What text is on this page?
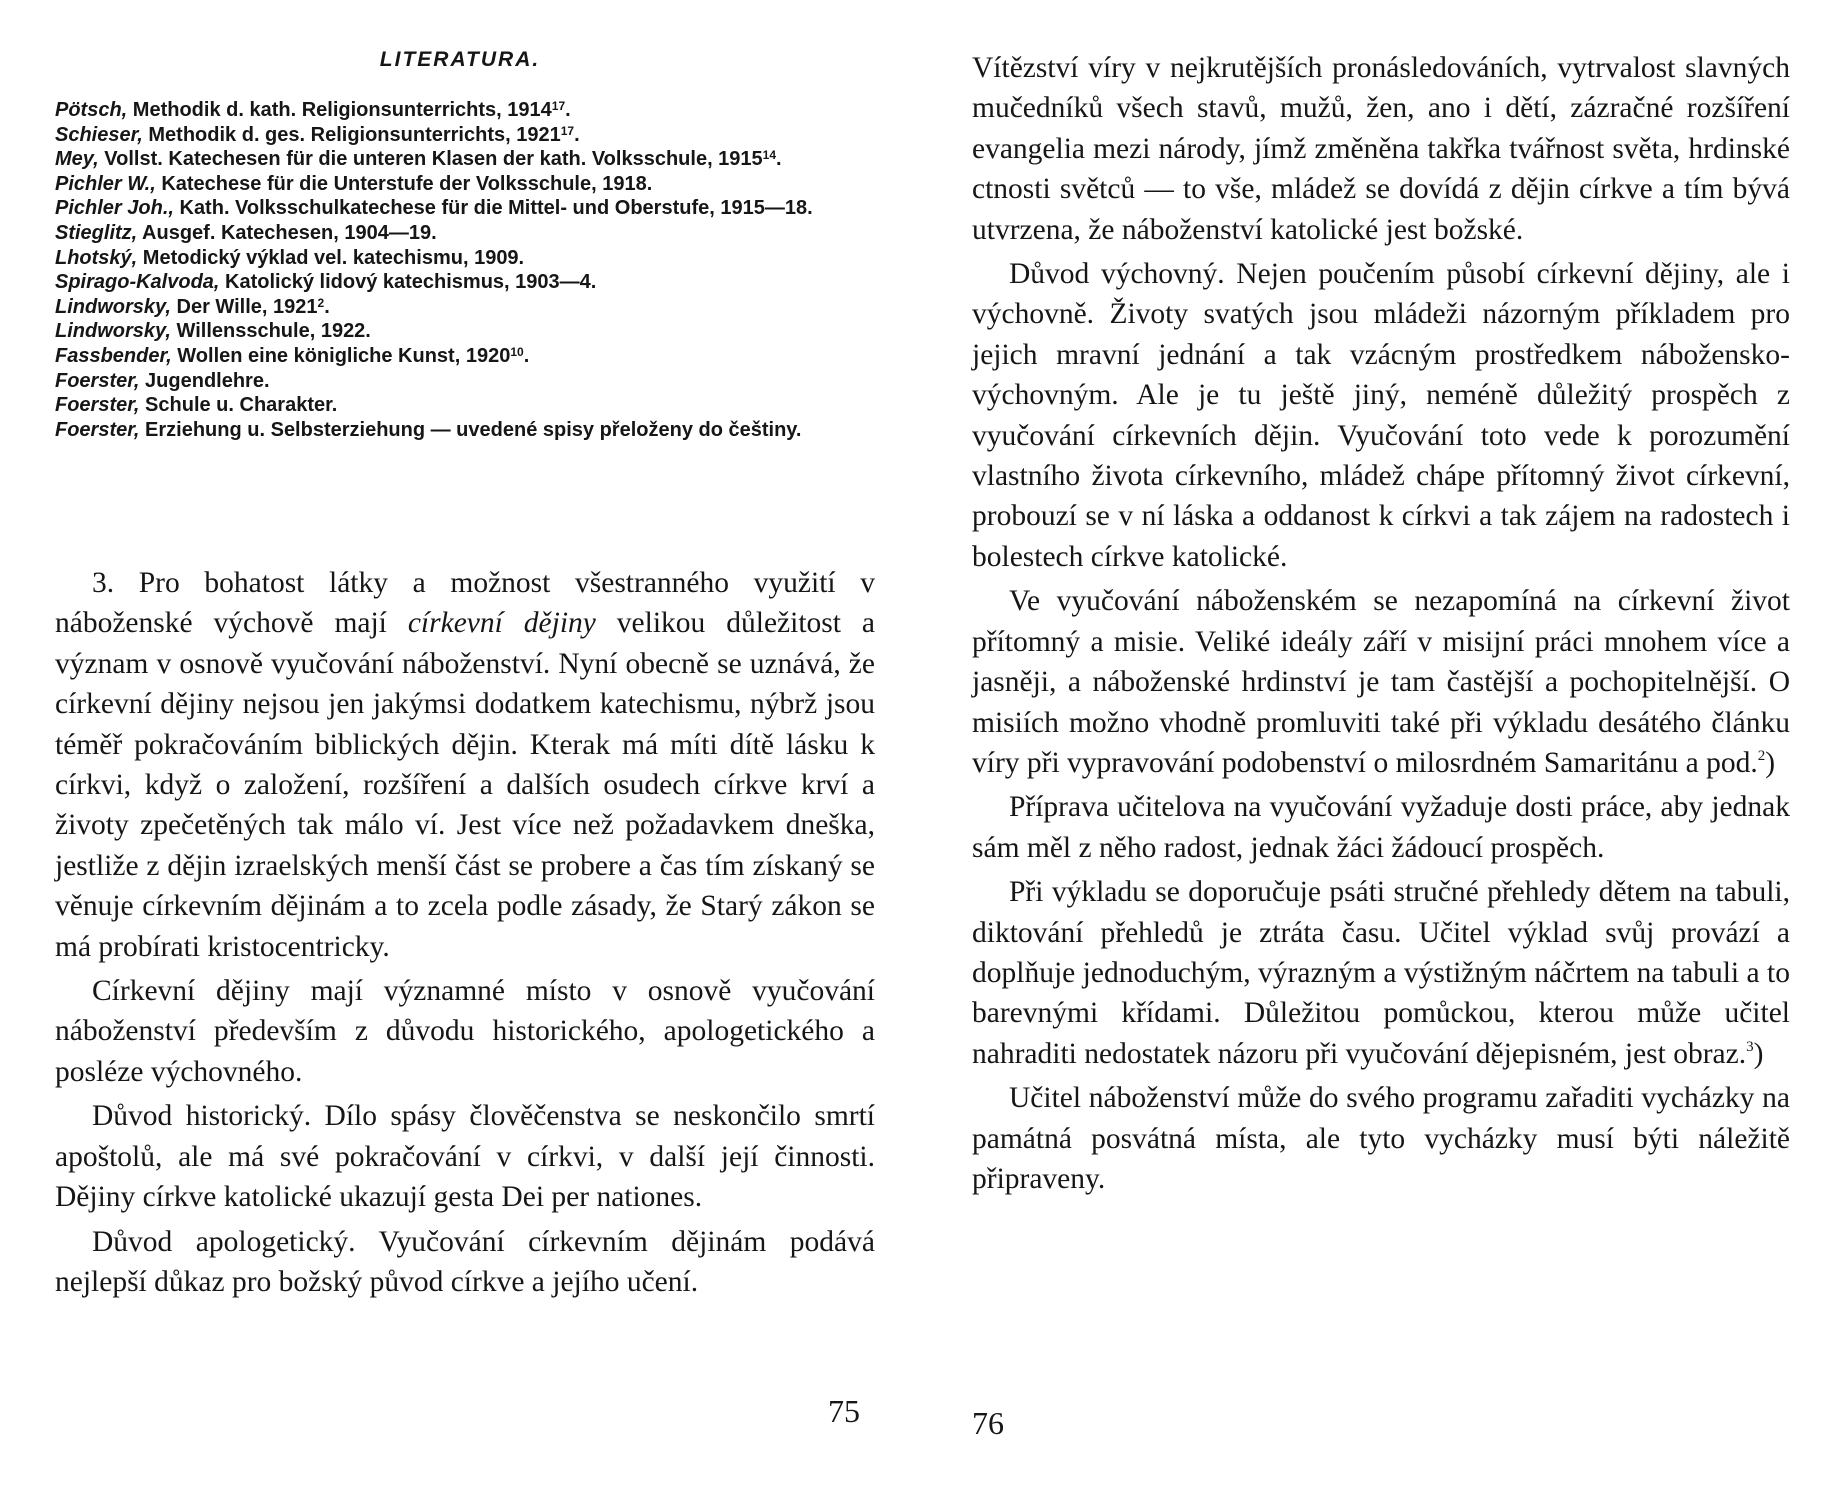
LITERATURA.
Pötsch, Methodik d. kath. Religionsunterrichts, 1914$^{17}$.
Schieser, Methodik d. ges. Religionsunterrichts, 1921$^{17}$.
Mey, Vollst. Katechesen für die unteren Klasen der kath. Volksschule, 1915$^{14}$.
Pichler W., Katechese für die Unterstufe der Volksschule, 1918.
Pichler Joh., Kath. Volksschulkatechese für die Mittel- und Oberstufe, 1915—18.
Stieglitz, Ausgef. Katechesen, 1904—19.
Lhotský, Metodický výklad vel. katechismu, 1909.
Spirago-Kalvoda, Katolický lidový katechismus, 1903—4.
Lindworsky, Der Wille, 1921$^2$.
Lindworsky, Willensschule, 1922.
Fassbender, Wollen eine königliche Kunst, 1920$^{10}$.
Foerster, Jugendlehre.
Foerster, Schule u. Charakter.
Foerster, Erziehung u. Selbsterziehung — uvedené spisy přeloženy do češtiny.

3. Pro bohatost látky a možnost všestranného využití v náboženské výchově mají církevní dějiny velikou důležitost a význam v osnově vyučování náboženství. Nyní obecně se uznává, že církevní dějiny nejsou jen jakýmsi dodatkem katechismu, nýbrž jsou téměř pokračováním biblických dějin. Kterak má míti dítě lásku k církvi, když o založení, rozšíření a dalších osudech církve krví a životy zpečetěných tak málo ví. Jest více než požadavkem dneška, jestliže z dějin izraelských menší část se probere a čas tím získaný se věnuje církevním dějinám a to zcela podle zásady, že Starý zákon se má probírati kristocentricky.

Církevní dějiny mají významné místo v osnově vyučování náboženství především z důvodu historického, apologetického a posléze výchovného.

Důvod historický. Dílo spásy člověčenstva se neskončilo smrtí apoštolů, ale má své pokračování v církvi, v další její činnosti. Dějiny církve katolické ukazují gesta Dei per nationes.

Důvod apologetický. Vyučování církevním dějinám podává nejlepší důkaz pro božský původ církve a jejího učení.

75

Vítězství víry v nejkrutějších pronásledováních, vytrvalost slavných mučedníků všech stavů, mužů, žen, ano i dětí, zázračné rozšíření evangelia mezi národy, jímž změněna takřka tvářnost světa, hrdinské ctnosti světců — to vše, mládež se dovídá z dějin církve a tím bývá utvrzena, že náboženství katolické jest božské.

Důvod výchovný. Nejen poučením působí církevní dějiny, ale i výchovně. Životy svatých jsou mládeži názorným příkladem pro jejich mravní jednání a tak vzácným prostředkem nábožensko-výchovným. Ale je tu ještě jiný, neméně důležitý prospěch z vyučování církevních dějin. Vyučování toto vede k porozumění vlastního života církevního, mládež chápe přítomný život církevní, probouzí se v ní láska a oddanost k církvi a tak zájem na radostech i bolestech církve katolické.

Ve vyučování náboženském se nezapomíná na církevní život přítomný a misie. Veliké ideály září v misijní práci mnohem více a jasněji, a náboženské hrdinství je tam častější a pochopitelnější. O misiích možno vhodně promluviti také při výkladu desátého článku víry při vypravování podobenství o milosrdném Samaritánu a pod.$^2$)

Příprava učitelova na vyučování vyžaduje dosti práce, aby jednak sám měl z něho radost, jednak žáci žádoucí prospěch.

Při výkladu se doporučuje psáti stručné přehledy dětem na tabuli, diktování přehledů je ztráta času. Učitel výklad svůj provází a doplňuje jednoduchým, výrazným a výstižným náčrtem na tabuli a to barevnými křídami. Důležitou pomůckou, kterou může učitel nahraditi nedostatek názoru při vyučování dějepisném, jest obraz.$^3$)

Učitel náboženství může do svého programu zařaditi vycházky na památná posvátná místa, ale tyto vycházky musí býti náležitě připraveny.

76
